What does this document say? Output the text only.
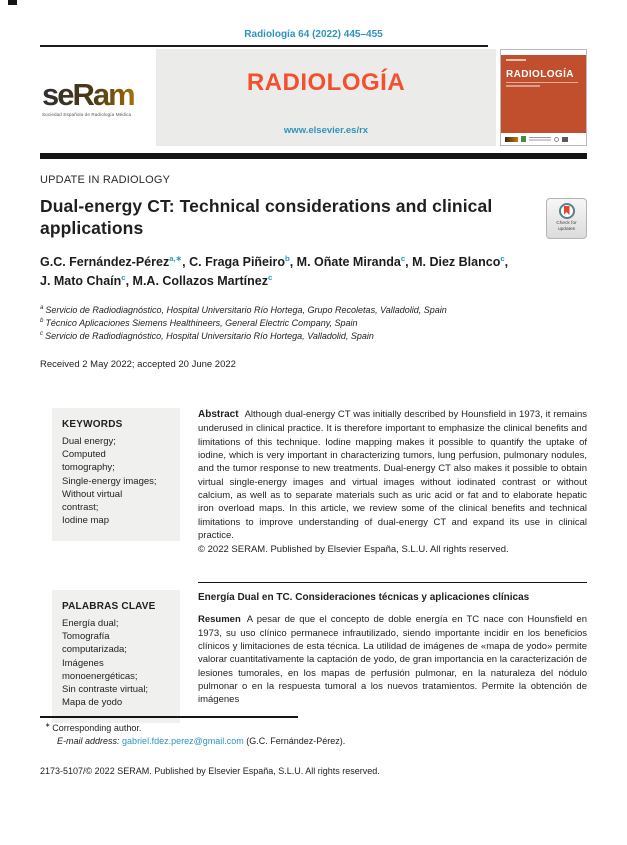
Radiología 64 (2022) 445–455
seRam
Sociedad Española de Radiología Médica
RADIOLOGÍA
www.elsevier.es/rx
RADIOLOGÍA
UPDATE IN RADIOLOGY
Dual-energy CT: Technical considerations and clinical applications	Check for updates
G.C. Fernández-Pérez$^{a,∗}$, C. Fraga Piñeiro$^b$, M. Oñate Miranda$^c$, M. Diez Blanco$^c$,
J. Mato Chaín$^c$, M.A. Collazos Martínez$^c$
$^a$ Servicio de Radiodiagnóstico, Hospital Universitario Río Hortega, Grupo Recoletas, Valladolid, Spain
$^b$ Técnico Aplicaciones Siemens Healthineers, General Electric Company, Spain
$^c$ Servicio de Radiodiagnóstico, Hospital Universitario Río Hortega, Valladolid, Spain
Received 2 May 2022; accepted 20 June 2022
KEYWORDS
Dual energy;
Computed
tomography;
Single-energy images;
Without virtual
contrast;
Iodine map

Abstract Although dual-energy CT was initially described by Hounsfield in 1973, it remains underused in clinical practice. It is therefore important to emphasize the clinical benefits and limitations of this technique. Iodine mapping makes it possible to quantify the uptake of iodine, which is very important in characterizing tumors, lung perfusion, pulmonary nodules, and the tumor response to new treatments. Dual-energy CT also makes it possible to obtain virtual single-energy images and virtual images without iodinated contrast or without calcium, as well as to separate materials such as uric acid or fat and to elaborate hepatic iron overload maps. In this article, we review some of the clinical benefits and technical limitations to improve understanding of dual-energy CT and expand its use in clinical practice.

© 2022 SERAM. Published by Elsevier España, S.L.U. All rights reserved.
PALABRAS CLAVE
Energía dual;
Tomografía
computarizada;
Imágenes
monoenergéticas;
Sin contraste virtual;
Mapa de yodo
Energía Dual en TC. Consideraciones técnicas y aplicaciones clínicas

Resumen A pesar de que el concepto de doble energía en TC nace con Hounsfield en 1973, su uso clínico permanece infrautilizado, siendo importante incidir en los beneficios clínicos y limitaciones de esta técnica. La utilidad de imágenes de «mapa de yodo» permite valorar cuantitativamente la captación de yodo, de gran importancia en la caracterización de lesiones tumorales, en los mapas de perfusión pulmonar, en la naturaleza del nódulo pulmonar o en la respuesta tumoral a los nuevos tratamientos. Permite la obtención de imágenes

∗ Corresponding author.
E-mail address: gabriel.fdez.perez@gmail.com (G.C. Fernández-Pérez).
2173-5107/© 2022 SERAM. Published by Elsevier España, S.L.U. All rights reserved.
